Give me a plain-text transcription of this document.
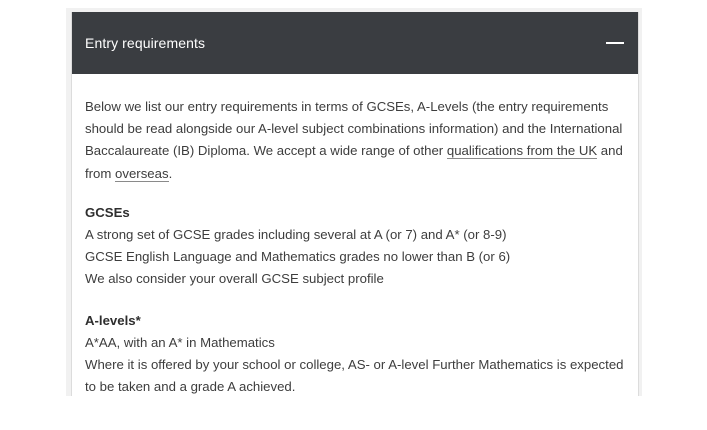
Entry requirements

Below we list our entry requirements in terms of GCSEs, A-Levels (the entry requirements should be read alongside our A-level subject combinations information) and the International Baccalaureate (IB) Diploma. We accept a wide range of other qualifications from the UK and from overseas.

GCSEs

A strong set of GCSE grades including several at A (or 7) and A* (or 8-9)

GCSE English Language and Mathematics grades no lower than B (or 6)

We also consider your overall GCSE subject profile

A-levels*

A*AA, with an A* in Mathematics

Where it is offered by your school or college, AS- or A-level Further Mathematics is expected to be taken and a grade A achieved.
